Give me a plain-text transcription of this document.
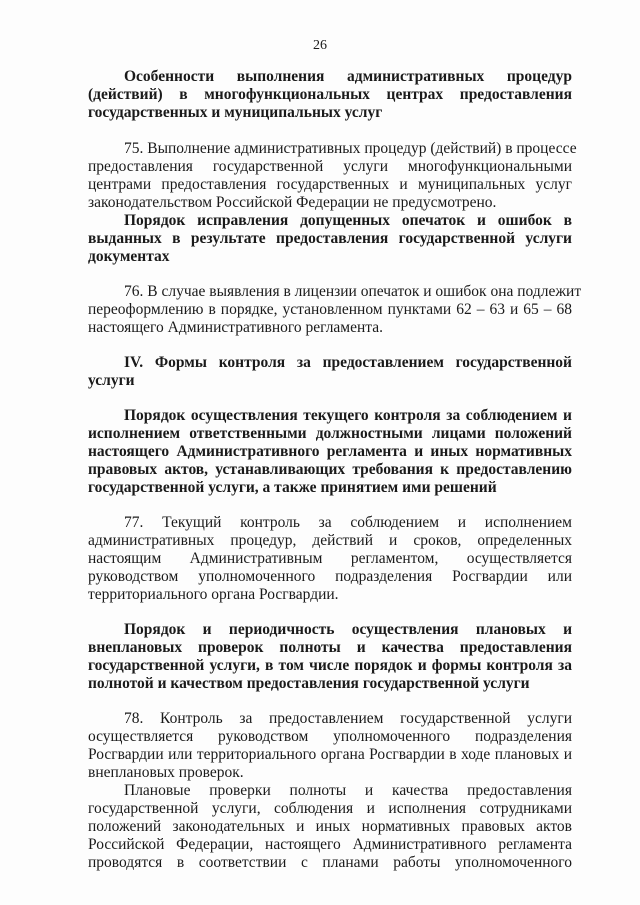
26
Особенности выполнения административных процедур
(действий) в многофункциональных центрах предоставления
государственных и муниципальных услуг
75. Выполнение административных процедур (действий) в процессе
предоставления государственной услуги многофункциональными
центрами предоставления государственных и муниципальных услуг
законодательством Российской Федерации не предусмотрено.
Порядок исправления допущенных опечаток и ошибок в
выданных в результате предоставления государственной услуги
документах
76. В случае выявления в лицензии опечаток и ошибок она подлежит
переоформлению в порядке, установленном пунктами 62 – 63 и 65 – 68
настоящего Административного регламента.
IV. Формы контроля за предоставлением государственной
услуги
Порядок осуществления текущего контроля за соблюдением и
исполнением ответственными должностными лицами положений
настоящего Административного регламента и иных нормативных
правовых актов, устанавливающих требования к предоставлению
государственной услуги, а также принятием ими решений
77. Текущий контроль за соблюдением и исполнением
административных процедур, действий и сроков, определенных
настоящим Административным регламентом, осуществляется
руководством уполномоченного подразделения Росгвардии или
территориального органа Росгвардии.
Порядок и периодичность осуществления плановых и
внеплановых проверок полноты и качества предоставления
государственной услуги, в том числе порядок и формы контроля за
полнотой и качеством предоставления государственной услуги
78. Контроль за предоставлением государственной услуги
осуществляется руководством уполномоченного подразделения
Росгвардии или территориального органа Росгвардии в ходе плановых и
внеплановых проверок.
Плановые проверки полноты и качества предоставления
государственной услуги, соблюдения и исполнения сотрудниками
положений законодательных и иных нормативных правовых актов
Российской Федерации, настоящего Административного регламента
проводятся в соответствии с планами работы уполномоченного
